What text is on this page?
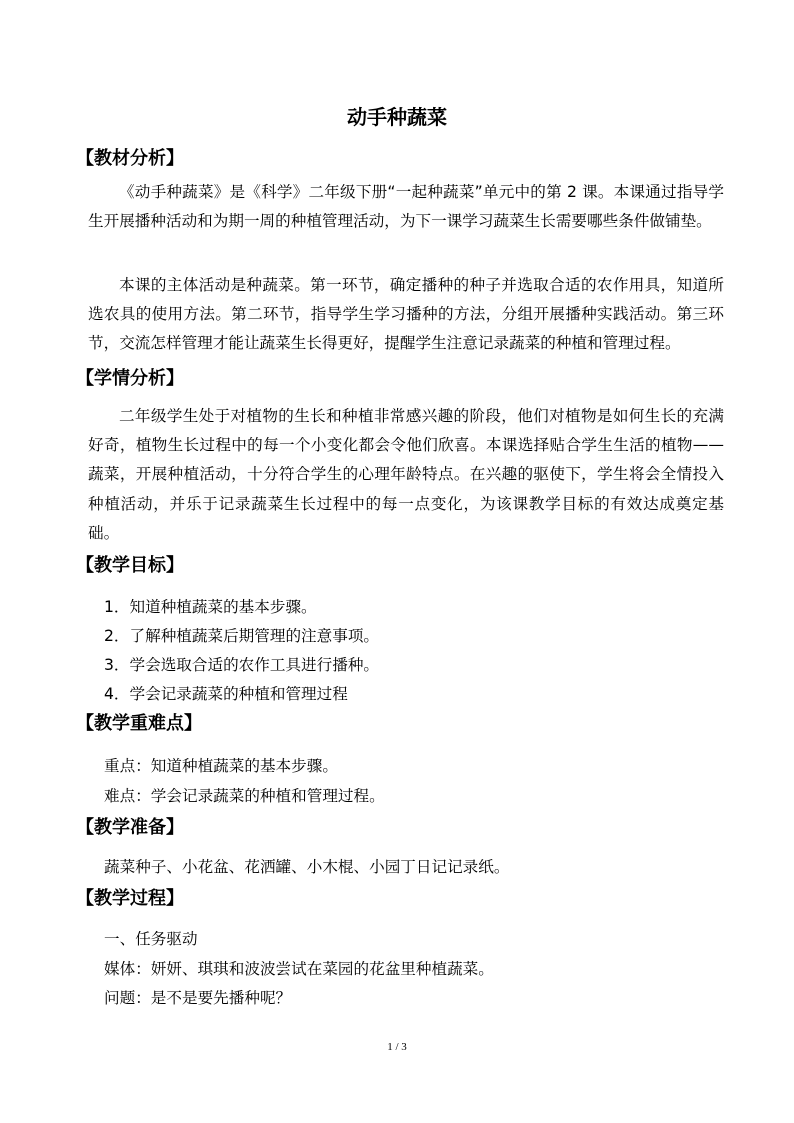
动手种蔬菜
【教材分析】
《动手种蔬菜》是《科学》二年级下册“一起种蔬菜”单元中的第 2 课。本课通过指导学生开展播种活动和为期一周的种植管理活动，为下一课学习蔬菜生长需要哪些条件做铺垫。
本课的主体活动是种蔬菜。第一环节，确定播种的种子并选取合适的农作用具，知道所选农具的使用方法。第二环节，指导学生学习播种的方法，分组开展播种实践活动。第三环节，交流怎样管理才能让蔬菜生长得更好，提醒学生注意记录蔬菜的种植和管理过程。
【学情分析】
二年级学生处于对植物的生长和种植非常感兴趣的阶段，他们对植物是如何生长的充满好奇，植物生长过程中的每一个小变化都会令他们欣喜。本课选择贴合学生生活的植物——蔬菜，开展种植活动，十分符合学生的心理年龄特点。在兴趣的驱使下，学生将会全情投入种植活动，并乐于记录蔬菜生长过程中的每一点变化，为该课教学目标的有效达成奠定基础。
【教学目标】
1．知道种植蔬菜的基本步骤。
2．了解种植蔬菜后期管理的注意事项。
3．学会选取合适的农作工具进行播种。
4．学会记录蔬菜的种植和管理过程
【教学重难点】
重点：知道种植蔬菜的基本步骤。
难点：学会记录蔬菜的种植和管理过程。
【教学准备】
蔬菜种子、小花盆、花洒罐、小木棍、小园丁日记记录纸。
【教学过程】
一、任务驱动
媒体：妍妍、琪琪和波波尝试在菜园的花盆里种植蔬菜。
问题：是不是要先播种呢？
1 / 3
